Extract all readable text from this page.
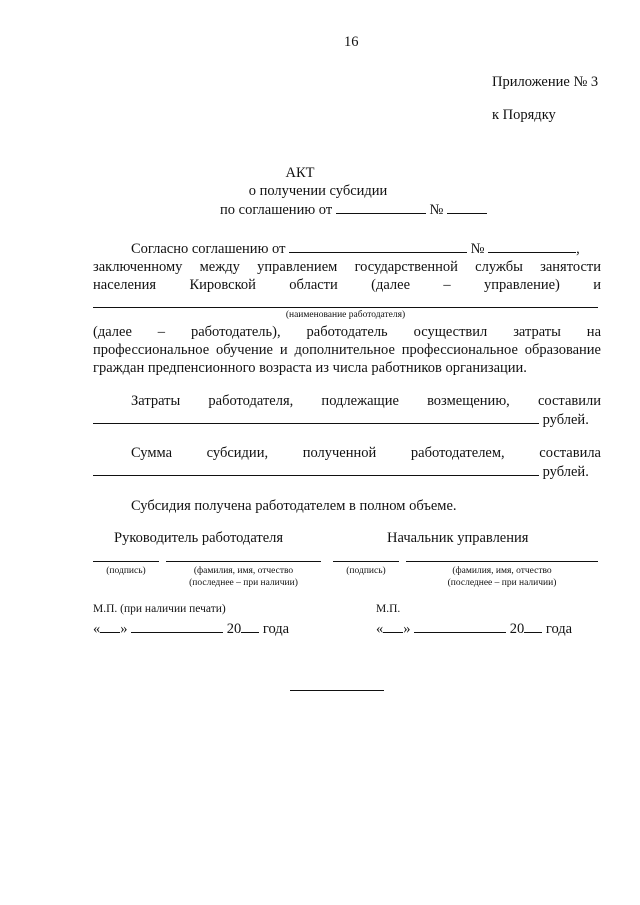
16
Приложение № 3
к Порядку
АКТ
о получении субсидии
по соглашению от	№
Согласно соглашению от	№	,
заключенному между управлением государственной службы занятости
населения Кировской области (далее – управление) и
(наименование работодателя)
(далее – работодатель), работодатель осуществил затраты на
профессиональное обучение и дополнительное профессиональное образование
граждан предпенсионного возраста из числа работников организации.
Затраты работодателя, подлежащие возмещению, составили
рублей.
Сумма субсидии, полученной работодателем, составила
рублей.
Субсидия получена работодателем в полном объеме.
Руководитель работодателя	Начальник управления
(подпись)	(фамилия, имя, отчество
(последнее – при наличии)
(подпись)	(фамилия, имя, отчество
(последнее – при наличии)
М.П. (при наличии печати)	М.П.
« »	20 года	« »	20 года
